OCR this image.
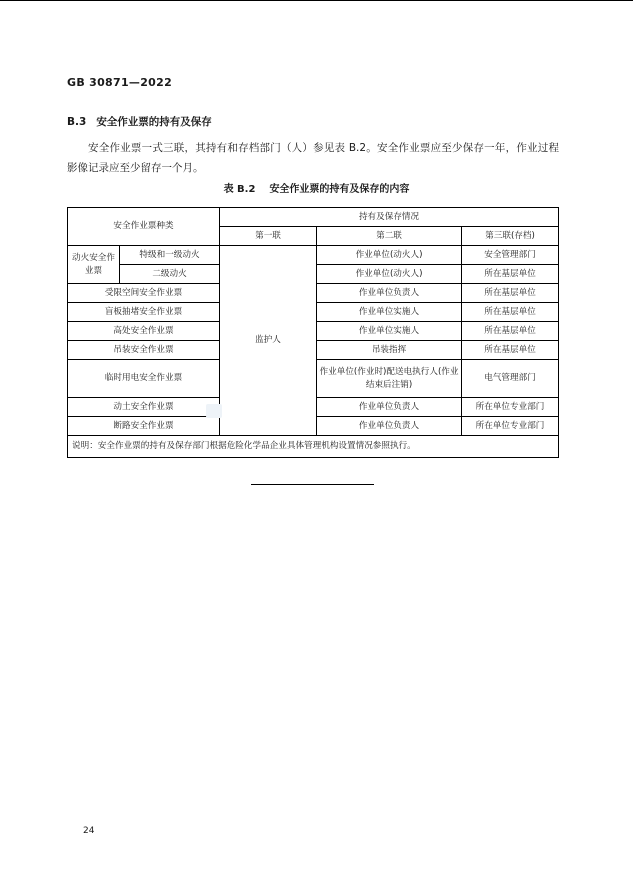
GB 30871—2022
B.3 安全作业票的持有及保存
安全作业票一式三联，其持有和存档部门（人）参见表 B.2。安全作业票应至少保存一年，作业过程影像记录应至少留存一个月。
表 B.2 安全作业票的持有及保存的内容
安全作业票种类		持有及保存情况		
		第一联	第二联	第三联(存档)
动火安全作业票	特级和一级动火	监护人	作业单位(动火人)	安全管理部门
	二级动火		作业单位(动火人)	所在基层单位
受限空间安全作业票			作业单位负责人	所在基层单位
盲板抽堵安全作业票			作业单位实施人	所在基层单位
高处安全作业票			作业单位实施人	所在基层单位
吊装安全作业票			吊装指挥	所在基层单位
临时用电安全作业票			作业单位(作业时)配送电执行人(作业结束后注销)	电气管理部门
动土安全作业票			作业单位负责人	所在单位专业部门
断路安全作业票			作业单位负责人	所在单位专业部门
说明：安全作业票的持有及保存部门根据危险化学品企业具体管理机构设置情况参照执行。				
24
